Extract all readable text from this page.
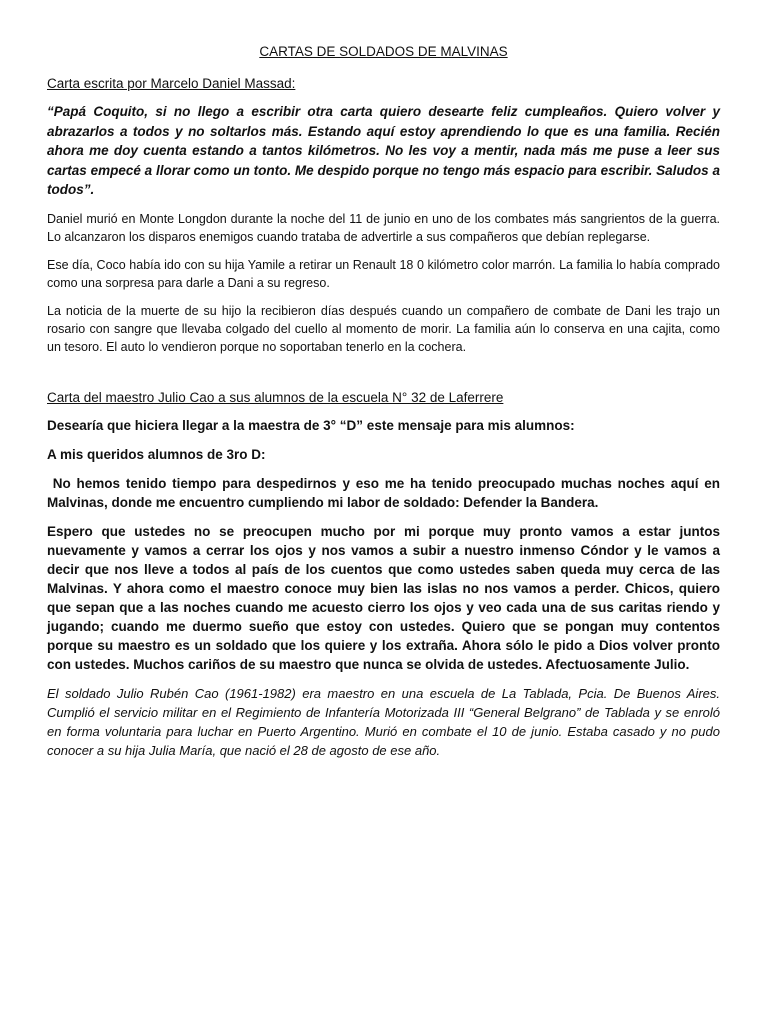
CARTAS DE SOLDADOS DE MALVINAS
Carta escrita por Marcelo Daniel Massad:
“Papá Coquito, si no llego a escribir otra carta quiero desearte feliz cumpleaños. Quiero volver y abrazarlos a todos y no soltarlos más. Estando aquí estoy aprendiendo lo que es una familia. Recién ahora me doy cuenta estando a tantos kilómetros. No les voy a mentir, nada más me puse a leer sus cartas empecé a llorar como un tonto. Me despido porque no tengo más espacio para escribir. Saludos a todos”.
Daniel murió en Monte Longdon durante la noche del 11 de junio en uno de los combates más sangrientos de la guerra. Lo alcanzaron los disparos enemigos cuando trataba de advertirle a sus compañeros que debían replegarse.
Ese día, Coco había ido con su hija Yamile a retirar un Renault 18 0 kilómetro color marrón. La familia lo había comprado como una sorpresa para darle a Dani a su regreso.
La noticia de la muerte de su hijo la recibieron días después cuando un compañero de combate de Dani les trajo un rosario con sangre que llevaba colgado del cuello al momento de morir. La familia aún lo conserva en una cajita, como un tesoro. El auto lo vendieron porque no soportaban tenerlo en la cochera.
Carta del maestro Julio Cao a sus alumnos de la escuela N° 32 de Laferrere
Desearía que hiciera llegar a la maestra de 3° “D” este mensaje para mis alumnos:
A mis queridos alumnos de 3ro D:
No hemos tenido tiempo para despedirnos y eso me ha tenido preocupado muchas noches aquí en Malvinas, donde me encuentro cumpliendo mi labor de soldado: Defender la Bandera.
Espero que ustedes no se preocupen mucho por mi porque muy pronto vamos a estar juntos nuevamente y vamos a cerrar los ojos y nos vamos a subir a nuestro inmenso Cóndor y le vamos a decir que nos lleve a todos al país de los cuentos que como ustedes saben queda muy cerca de las Malvinas. Y ahora como el maestro conoce muy bien las islas no nos vamos a perder. Chicos, quiero que sepan que a las noches cuando me acuesto cierro los ojos y veo cada una de sus caritas riendo y jugando; cuando me duermo sueño que estoy con ustedes. Quiero que se pongan muy contentos porque su maestro es un soldado que los quiere y los extraña. Ahora sólo le pido a Dios volver pronto con ustedes. Muchos cariños de su maestro que nunca se olvida de ustedes. Afectuosamente Julio.
El soldado Julio Rubén Cao (1961-1982) era maestro en una escuela de La Tablada, Pcia. De Buenos Aires. Cumplió el servicio militar en el Regimiento de Infantería Motorizada III “General Belgrano” de Tablada y se enroló en forma voluntaria para luchar en Puerto Argentino. Murió en combate el 10 de junio. Estaba casado y no pudo conocer a su hija Julia María, que nació el 28 de agosto de ese año.
